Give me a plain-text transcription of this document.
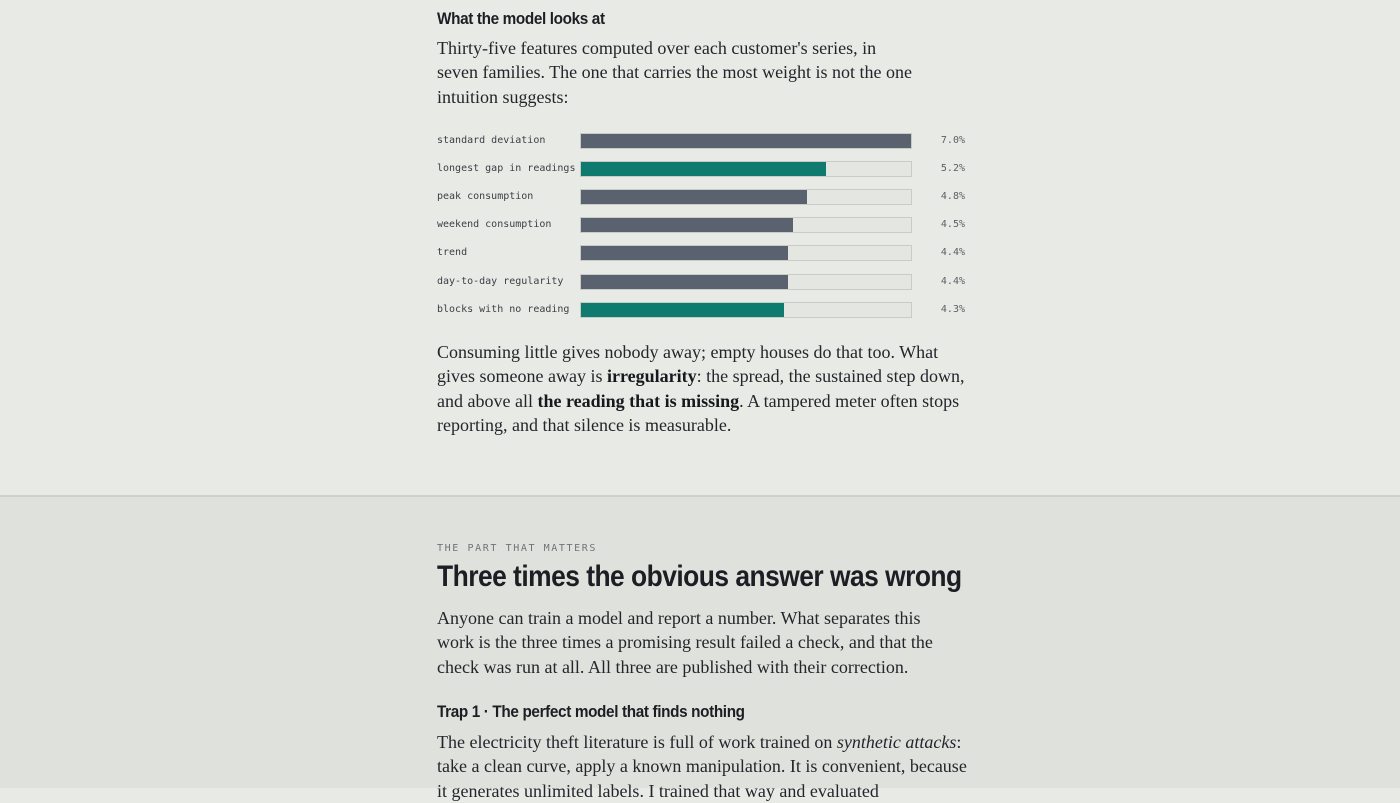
What the model looks at
Thirty-five features computed over each customer's series, in seven families. The one that carries the most weight is not the one intuition suggests:
standard deviation	7.0%
longest gap in readings	5.2%
peak consumption	4.8%
weekend consumption	4.5%
trend	4.4%
day-to-day regularity	4.4%
blocks with no reading	4.3%
Consuming little gives nobody away; empty houses do that too. What gives someone away is irregularity: the spread, the sustained step down, and above all the reading that is missing. A tampered meter often stops reporting, and that silence is measurable.
THE PART THAT MATTERS
Three times the obvious answer was wrong
Anyone can train a model and report a number. What separates this work is the three times a promising result failed a check, and that the check was run at all. All three are published with their correction.
Trap 1 · The perfect model that finds nothing
The electricity theft literature is full of work trained on synthetic attacks: take a clean curve, apply a known manipulation. It is convenient, because it generates unlimited labels. I trained that way and evaluated
